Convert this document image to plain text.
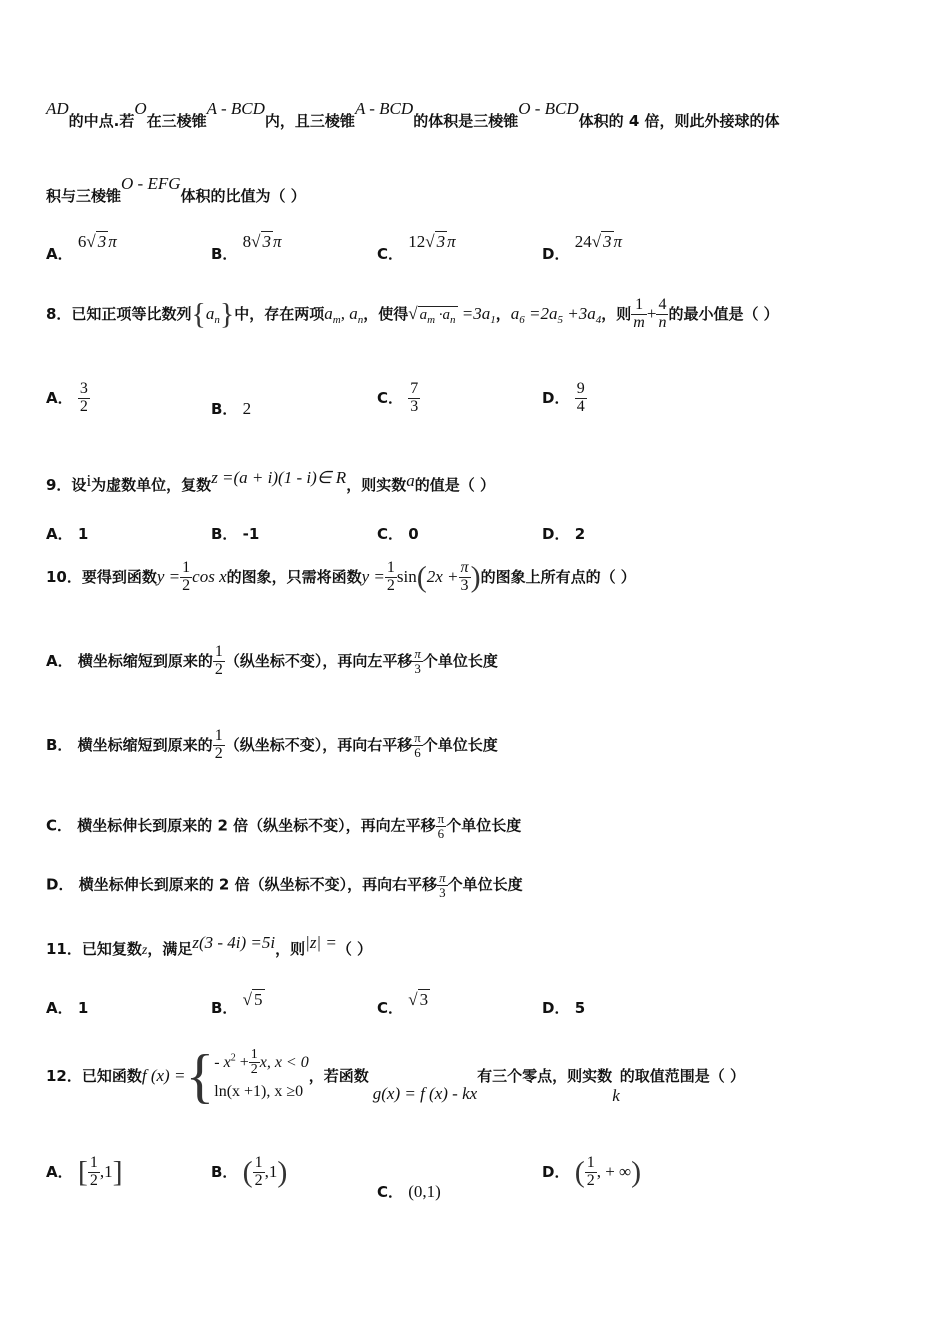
AD的中点.若O在三棱锥A - BCD内，且三棱锥A - BCD的体积是三棱锥O - BCD体积的 4 倍，则此外接球的体
积与三棱锥O - EFG体积的比值为（ ）
A． 6√ 3 π
B． 8√ 3 π
C． 12√ 3 π
D． 24√ 3 π
8．已知正项等比数列$\{a_n\}$中，存在两项$a_m$, $a_n$，使得√ $a_m \cdot a_n =3a_1$，$a_6 =2a_5 +3a_4$，则 $\frac{1}{m} + \frac{4}{n}$ 的最小值是（ ）
A． $\frac{3}{2}$	B． 2
C． $\frac{7}{3}$	D． $\frac{9}{4}$
9．设i为虚数单位，复数z =(a + i)(1 - i)∈ R，则实数a的值是（ ）
A． 1	B． -1	C． 0	D． 2
10．要得到函数$y = \frac{1}{2}$ cos x的图象，只需将函数$y = \frac{1}{2} \sin(2x + \frac{\pi}{3}$ )的图象上所有点的（ ）
A． 横坐标缩短到原来的 $\frac{1}{2}$ （纵坐标不变），再向左平移 $\frac{\pi}{3}$ 个单位长度
B． 横坐标缩短到原来的 $\frac{1}{2}$ （纵坐标不变），再向右平移 $\frac{\pi}{6}$ 个单位长度
C． 横坐标伸长到原来的 2 倍（纵坐标不变），再向左平移 $\frac{\pi}{6}$ 个单位长度
D． 横坐标伸长到原来的 2 倍（纵坐标不变），再向右平移 $\frac{\pi}{3}$ 个单位长度
11．已知复数z，满足z(3 - 4i) =5i，则|z| =（ ）
A． 1	B． √ 5	C． √ 3	D． 5
12．已知函数f (x) ={ - $x^2 + \frac{1}{2} x$, x < 0
ln(x +1), x ≥0
，若函数g(x) = f (x) - kx有三个零点，则实数k的取值范围是（ ）
A． [ $\frac{1}{2} ,1$]	B． ( $\frac{1}{2} ,1$)
C． (0,1)
D． ( $\frac{1}{2}$ , + ∞)
